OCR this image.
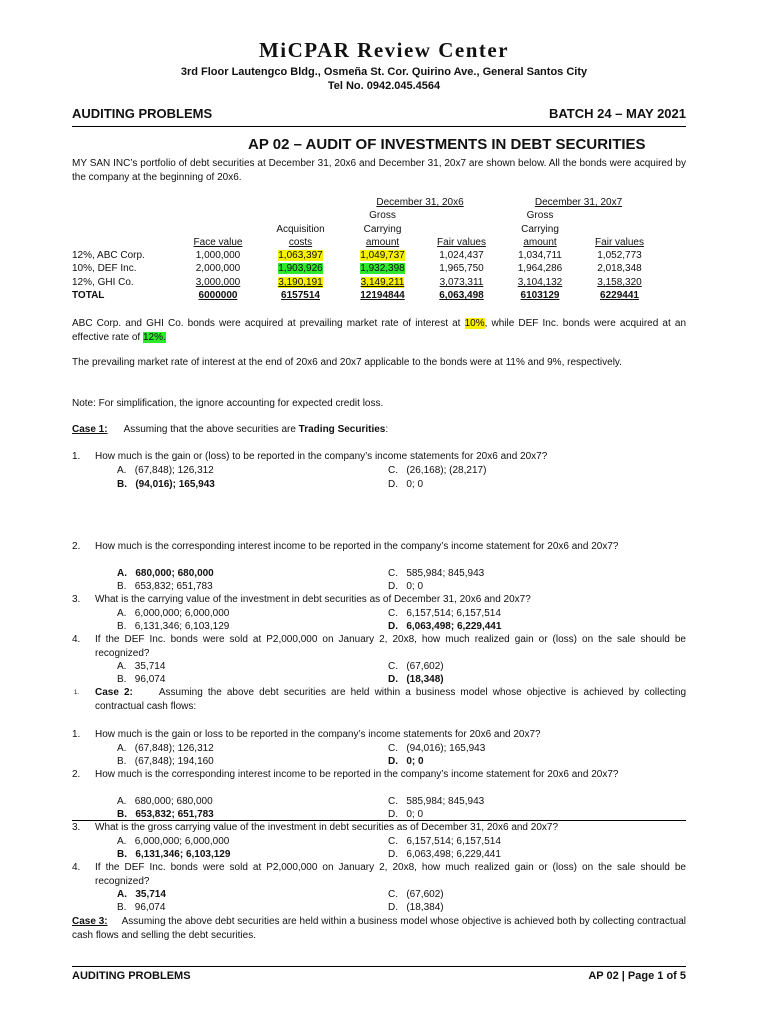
MiCPAR Review Center
3rd Floor Lautengco Bldg., Osmeña St. Cor. Quirino Ave., General Santos City
Tel No. 0942.045.4564
AUDITING PROBLEMS	BATCH 24 – MAY 2021
AP 02 – AUDIT OF INVESTMENTS IN DEBT SECURITIES
MY SAN INC’s portfolio of debt securities at December 31, 20x6 and December 31, 20x7 are shown below. All the bonds were acquired by the company at the beginning of 20x6.
			December 31, 20x6		December 31, 20x7	
			Gross		Gross	
		Acquisition	Carrying		Carrying	
	Face value	costs	amount	Fair values	amount	Fair values
12%, ABC Corp.	1,000,000	1,063,397	1,049,737	1,024,437	1,034,711	1,052,773
10%, DEF Inc.	2,000,000	1,903,926	1,932,398	1,965,750	1,964,286	2,018,348
12%, GHI Co.	3,000,000	3,190,191	3,149,211	3,073,311	3,104,132	3,158,320
TOTAL	6000000	6157514	12194844	6,063,498	6103129	6229441
ABC Corp. and GHI Co. bonds were acquired at prevailing market rate of interest at 10%, while DEF Inc. bonds were acquired at an effective rate of 12%.
The prevailing market rate of interest at the end of 20x6 and 20x7 applicable to the bonds were at 11% and 9%, respectively.
Note: For simplification, the ignore accounting for expected credit loss.
Case 1: Assuming that the above securities are Trading Securities:
1. How much is the gain or (loss) to be reported in the company’s income statements for 20x6 and 20x7?
A. (67,848); 126,312	C. (26,168); (28,217)
B. (94,016); 165,943	D. 0; 0
2. How much is the corresponding interest income to be reported in the company’s income statement for 20x6 and 20x7?
A. 680,000; 680,000	C. 585,984; 845,943
B. 653,832; 651,783	D. 0; 0
3. What is the carrying value of the investment in debt securities as of December 31, 20x6 and 20x7?
A. 6,000,000; 6,000,000	C. 6,157,514; 6,157,514
B. 6,131,346; 6,103,129	D. 6,063,498; 6,229,441
4. If the DEF Inc. bonds were sold at P2,000,000 on January 2, 20x8, how much realized gain or (loss) on the sale should be recognized?
A. 35,714	C. (67,602)
B. 96,074	D. (18,348)
1. Case 2:	Assuming the above debt securities are held within a business model whose objective is achieved by collecting contractual cash flows:
1. How much is the gain or loss to be reported in the company’s income statements for 20x6 and 20x7?
A. (67,848); 126,312	C. (94,016); 165,943
B. (67,848); 194,160	D. 0; 0
2. How much is the corresponding interest income to be reported in the company’s income statement for 20x6 and 20x7?
A. 680,000; 680,000	C. 585,984; 845,943
B. 653,832; 651,783	D. 0; 0
3. What is the gross carrying value of the investment in debt securities as of December 31, 20x6 and 20x7?
A. 6,000,000; 6,000,000	C. 6,157,514; 6,157,514
B. 6,131,346; 6,103,129	D. 6,063,498; 6,229,441
4. If the DEF Inc. bonds were sold at P2,000,000 on January 2, 20x8, how much realized gain or (loss) on the sale should be recognized?
A. 35,714	C. (67,602)
B. 96,074	D. (18,384)
Case 3: Assuming the above debt securities are held within a business model whose objective is achieved both by collecting contractual cash flows and selling the debt securities.
AUDITING PROBLEMS	AP 02 | Page 1 of 5
